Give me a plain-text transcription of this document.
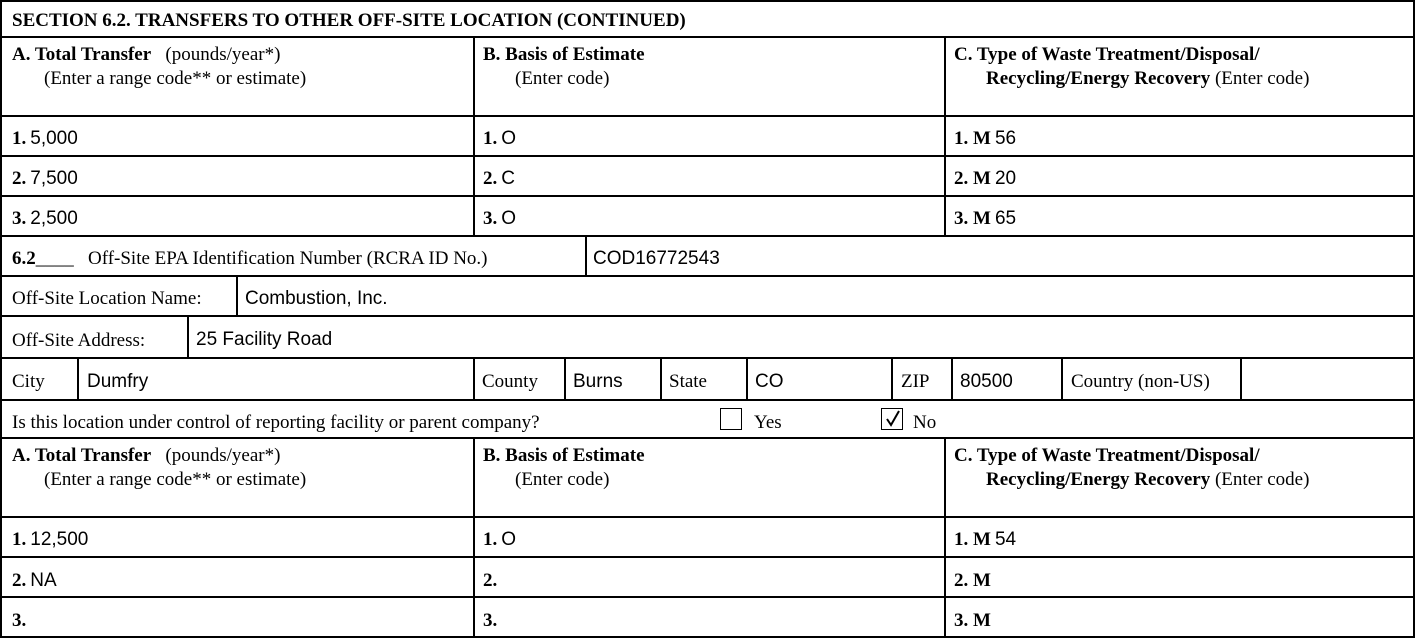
SECTION 6.2. TRANSFERS TO OTHER OFF-SITE LOCATION (CONTINUED)
A. Total Transfer (pounds/year*)
(Enter a range code** or estimate)
B. Basis of Estimate
(Enter code)
C. Type of Waste Treatment/Disposal/
Recycling/Energy Recovery (Enter code)
1. 5,000	1. O	1. M 56
2. 7,500	2. C	2. M 20
3. 2,500	3. O	3. M 65
6.2____ Off-Site EPA Identification Number (RCRA ID No.)	COD16772543
Off-Site Location Name: Combustion, Inc.
Off-Site Address:	25 Facility Road
City Dumfry	County Burns State	CO	ZIP 80500	Country (non-US)
Is this location under control of reporting facility or parent company?	Yes	No
A. Total Transfer (pounds/year*)
(Enter a range code** or estimate)
B. Basis of Estimate
(Enter code)
C. Type of Waste Treatment/Disposal/
Recycling/Energy Recovery (Enter code)
1. 12,500	1. O	1. M 54
2. NA	2.	2. M
3.	3.	3. M
